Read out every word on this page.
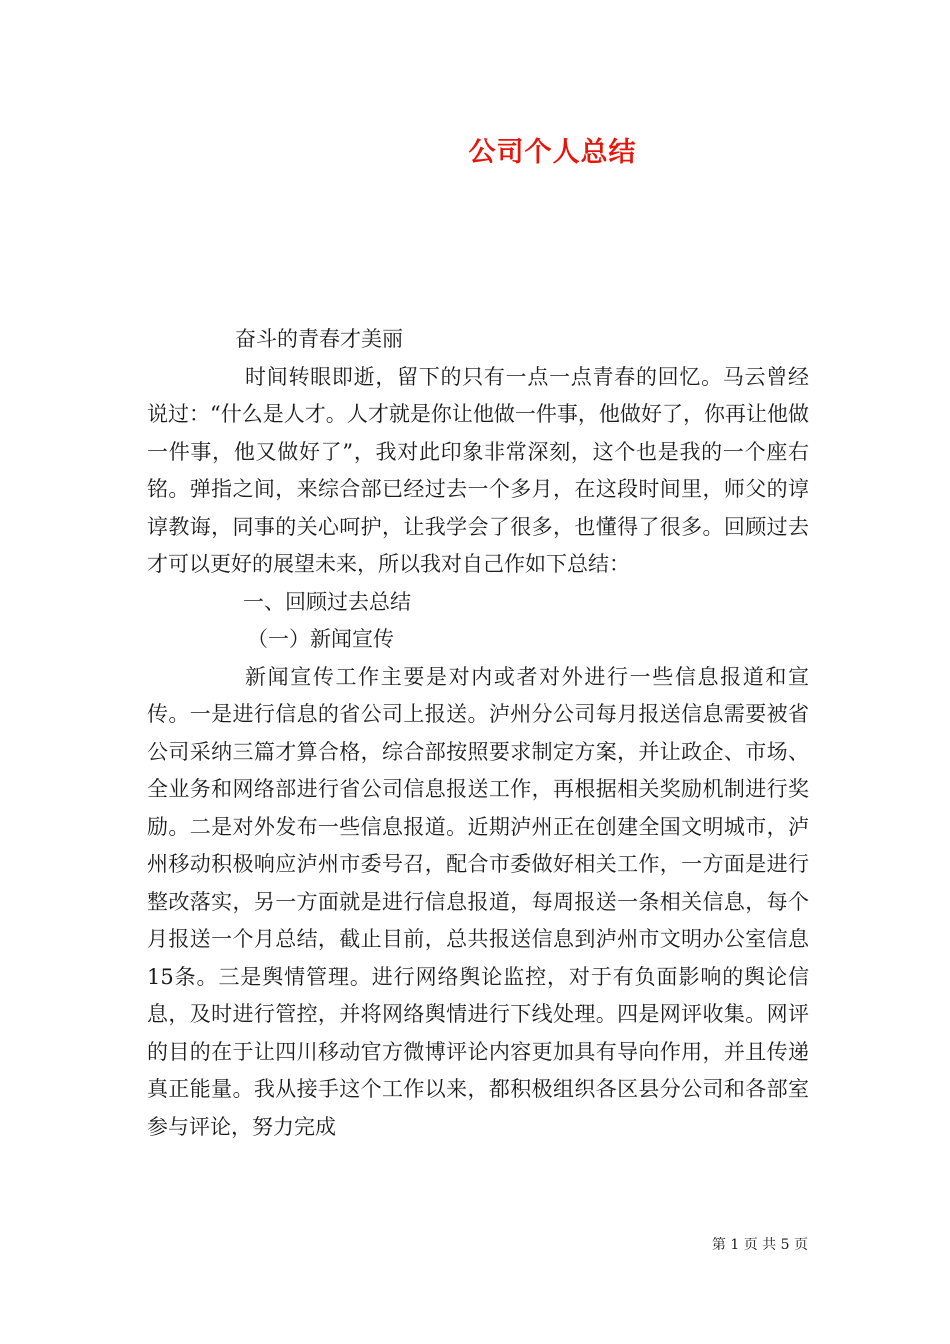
公司个人总结

奋斗的青春才美丽

时间转眼即逝，留下的只有一点一点青春的回忆。马云曾经说过：“什么是人才。人才就是你让他做一件事，他做好了，你再让他做一件事，他又做好了”，我对此印象非常深刻，这个也是我的一个座右铭。弹指之间，来综合部已经过去一个多月，在这段时间里，师父的谆谆教诲，同事的关心呵护，让我学会了很多，也懂得了很多。回顾过去才可以更好的展望未来，所以我对自己作如下总结：

一、回顾过去总结

（一）新闻宣传

新闻宣传工作主要是对内或者对外进行一些信息报道和宣传。一是进行信息的省公司上报送。泸州分公司每月报送信息需要被省公司采纳三篇才算合格，综合部按照要求制定方案，并让政企、市场、全业务和网络部进行省公司信息报送工作，再根据相关奖励机制进行奖励。二是对外发布一些信息报道。近期泸州正在创建全国文明城市，泸州移动积极响应泸州市委号召，配合市委做好相关工作，一方面是进行整改落实，另一方面就是进行信息报道，每周报送一条相关信息，每个月报送一个月总结，截止目前，总共报送信息到泸州市文明办公室信息15条。三是舆情管理。进行网络舆论监控，对于有负面影响的舆论信息，及时进行管控，并将网络舆情进行下线处理。四是网评收集。网评的目的在于让四川移动官方微博评论内容更加具有导向作用，并且传递真正能量。我从接手这个工作以来，都积极组织各区县分公司和各部室参与评论，努力完成

第 1 页 共 5 页
